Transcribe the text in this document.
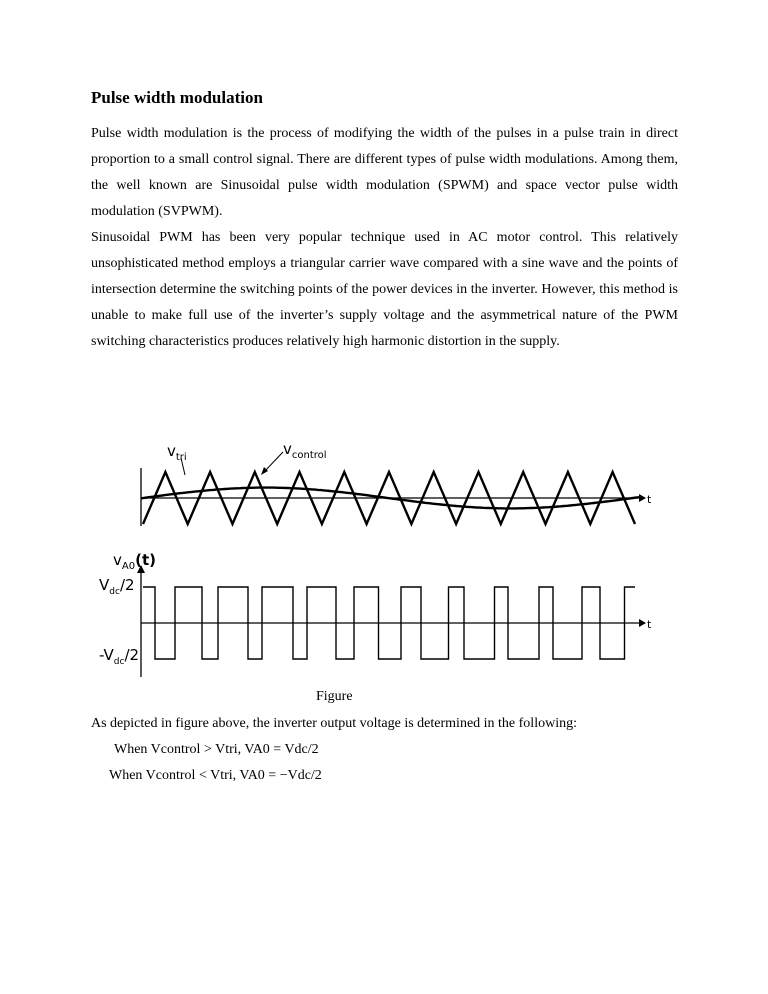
Pulse width modulation

Pulse width modulation is the process of modifying the width of the pulses in a pulse train in direct proportion to a small control signal. There are different types of pulse width modulations. Among them, the well known are Sinusoidal pulse width modulation (SPWM) and space vector pulse width modulation (SVPWM).

Sinusoidal PWM has been very popular technique used in AC motor control. This relatively unsophisticated method employs a triangular carrier wave compared with a sine wave and the points of intersection determine the switching points of the power devices in the inverter. However, this method is unable to make full use of the inverter’s supply voltage and the asymmetrical nature of the PWM switching characteristics produces relatively high harmonic distortion in the supply.

$v_{tri}$	$v_{control}$
t
$v_{A0}(t)$
$V_{dc}/2$
$-V_{dc}/2$
t

Figure

As depicted in figure above, the inverter output voltage is determined in the following:

When Vcontrol > Vtri, VA0 = Vdc/2

When Vcontrol < Vtri, VA0 = −Vdc/2
